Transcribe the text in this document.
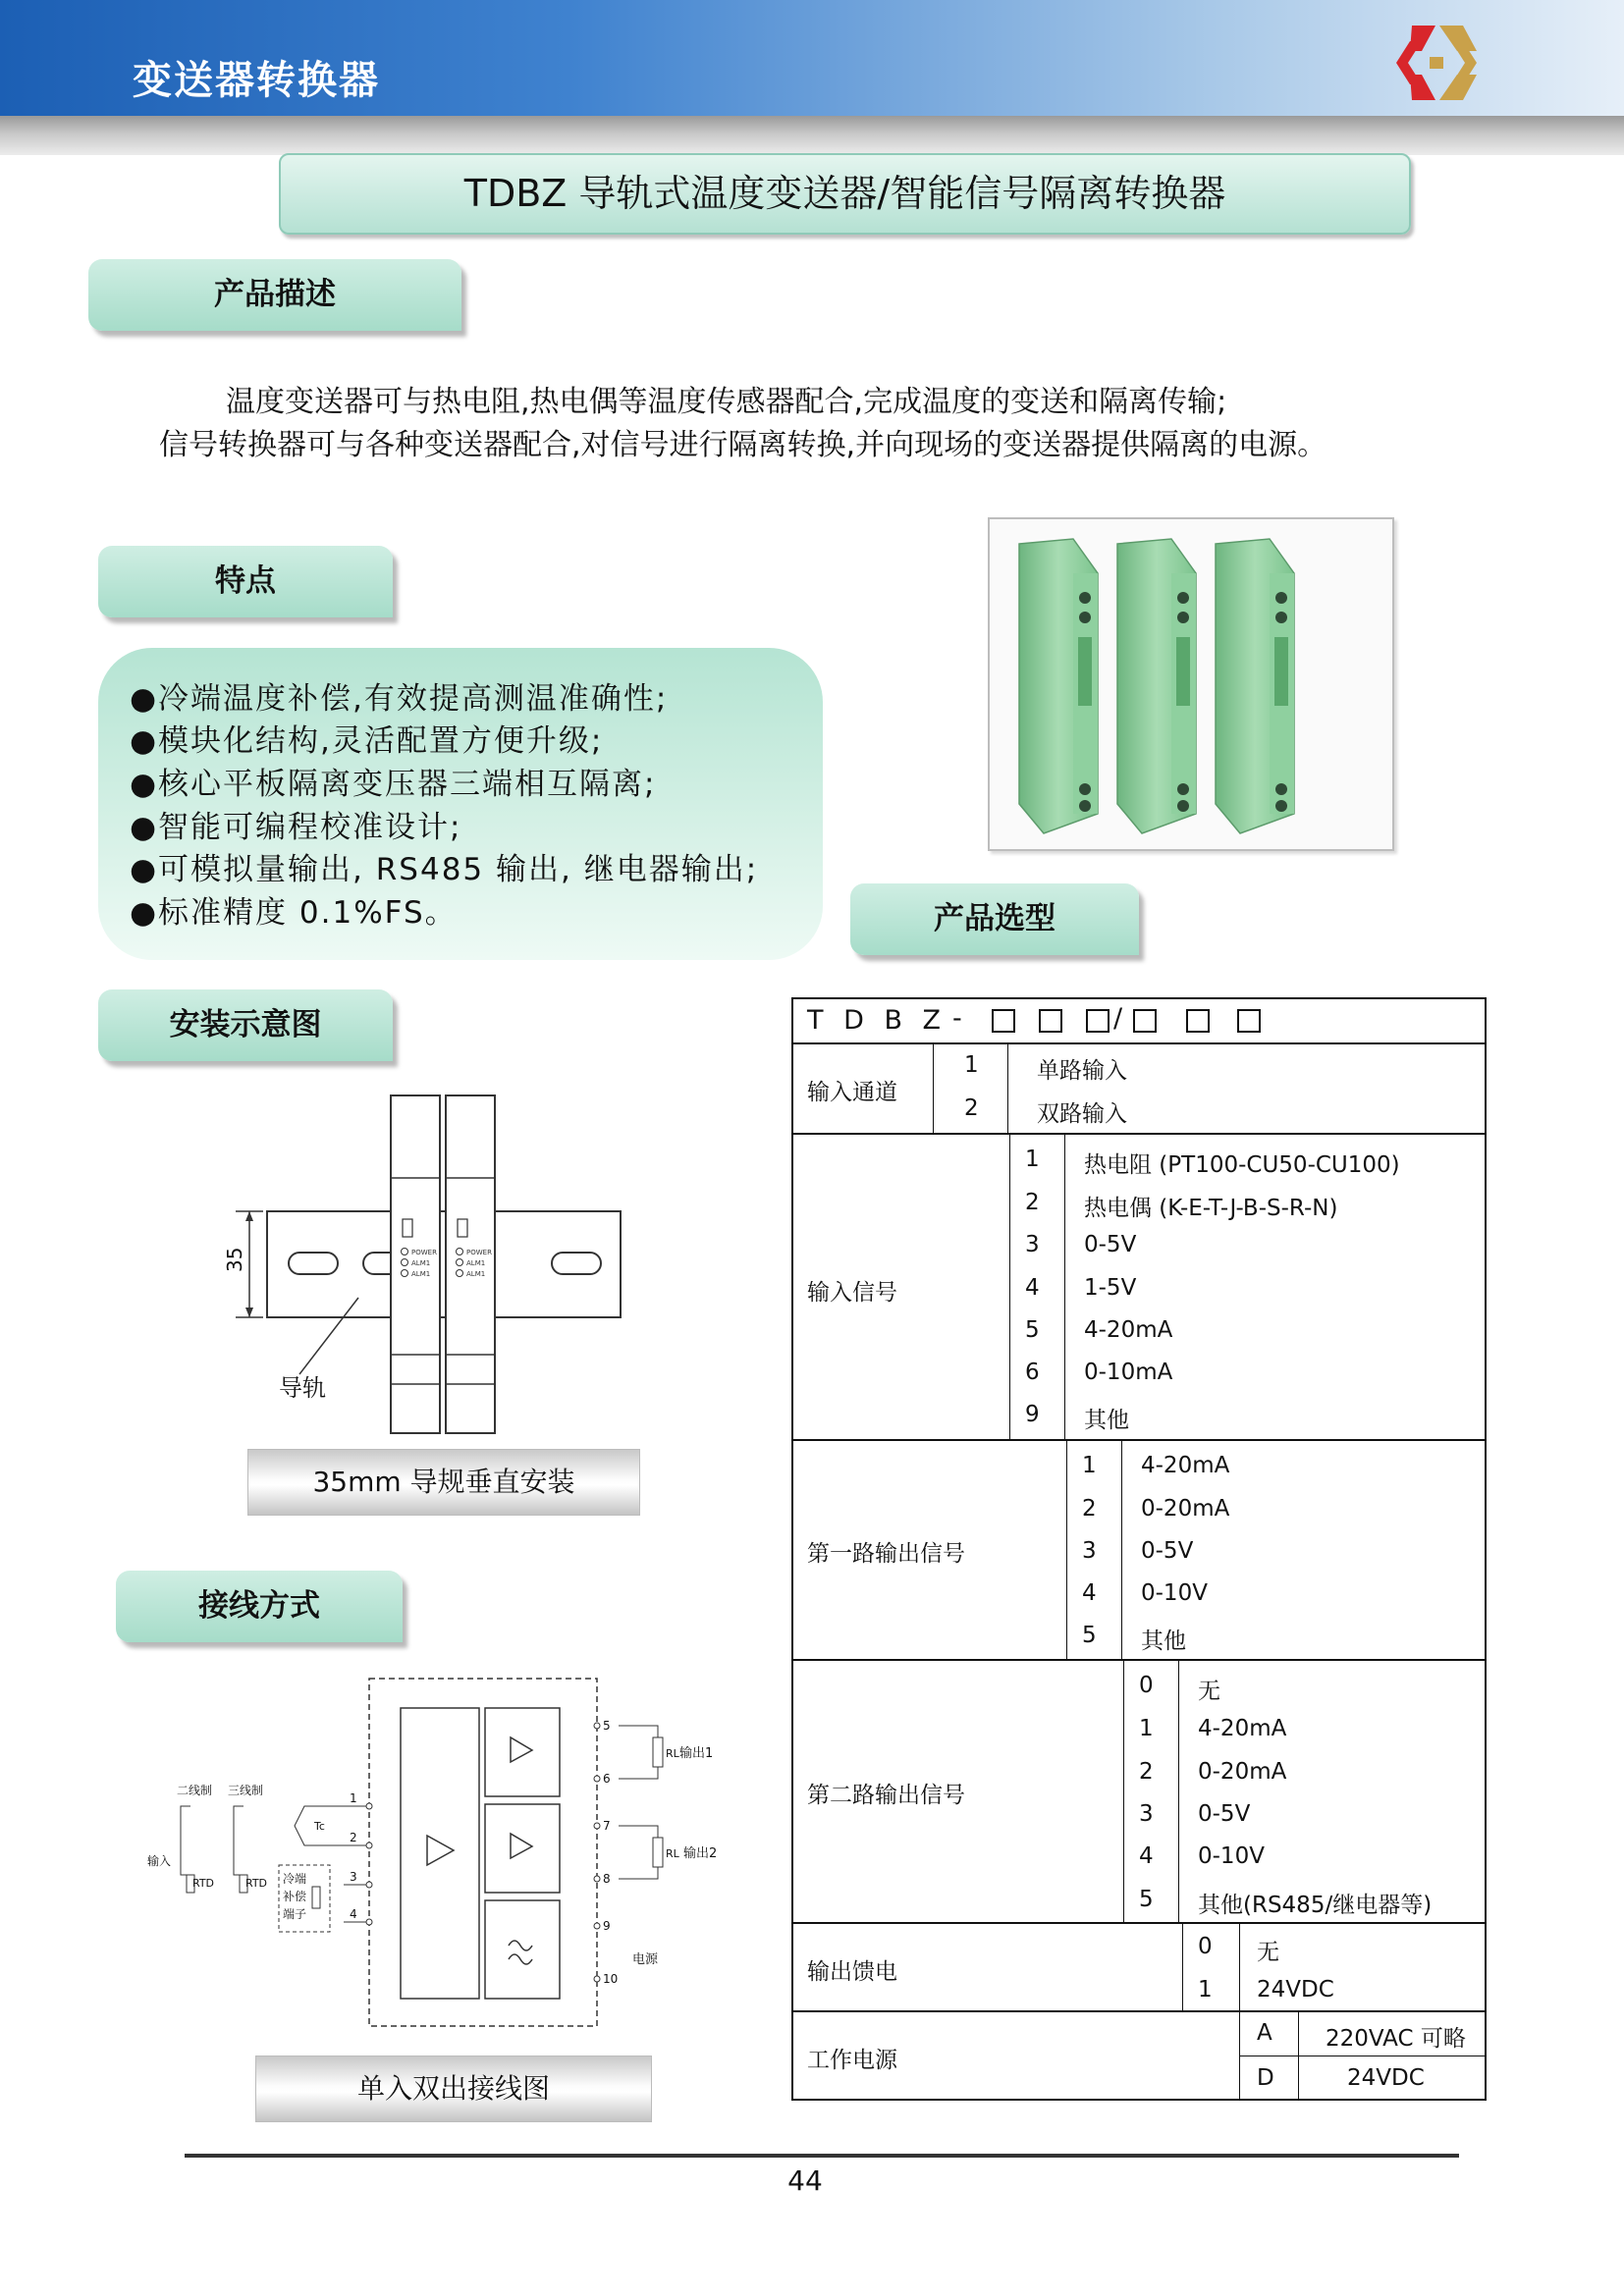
变送器转换器
TDBZ 导轨式温度变送器/智能信号隔离转换器
产品描述
温度变送器可与热电阻,热电偶等温度传感器配合,完成温度的变送和隔离传输;
信号转换器可与各种变送器配合,对信号进行隔离转换,并向现场的变送器提供隔离的电源。
特点
●冷端温度补偿,有效提高测温准确性;
●模块化结构,灵活配置方便升级;
●核心平板隔离变压器三端相互隔离;
●智能可编程校准设计;
●可模拟量输出, RS485 输出, 继电器输出;
●标准精度 0.1%FS。	产品选型
安装示意图
35	POWER
ALM1
ALM1
POWER
ALM1
ALM1
导轨
35mm 导规垂直安装
接线方式
1
2
3
4
5
6
7
8
9
10
RL 输出1
RL 输出2
电源
二线制 三线制
输入
RTD	RTD
Tc
冷端
补偿
端子
单入双出接线图
T D B Z -	/
输入通道
1	单路输入
2	双路输入
输入信号
1 热电阻 (PT100-CU50-CU100)
2 热电偶 (K-E-T-J-B-S-R-N)
3 0-5V
4 1-5V
5 4-20mA
6 0-10mA
9 其他
第一路输出信号
1 4-20mA
2 0-20mA
3 0-5V
4 0-10V
5 其他
第二路输出信号
0 无
1 4-20mA
2 0-20mA
3 0-5V
4 0-10V
5 其他(RS485/继电器等)
输出馈电
0 无
1 24VDC
工作电源
A 220VAC 可略
D	24VDC
44
